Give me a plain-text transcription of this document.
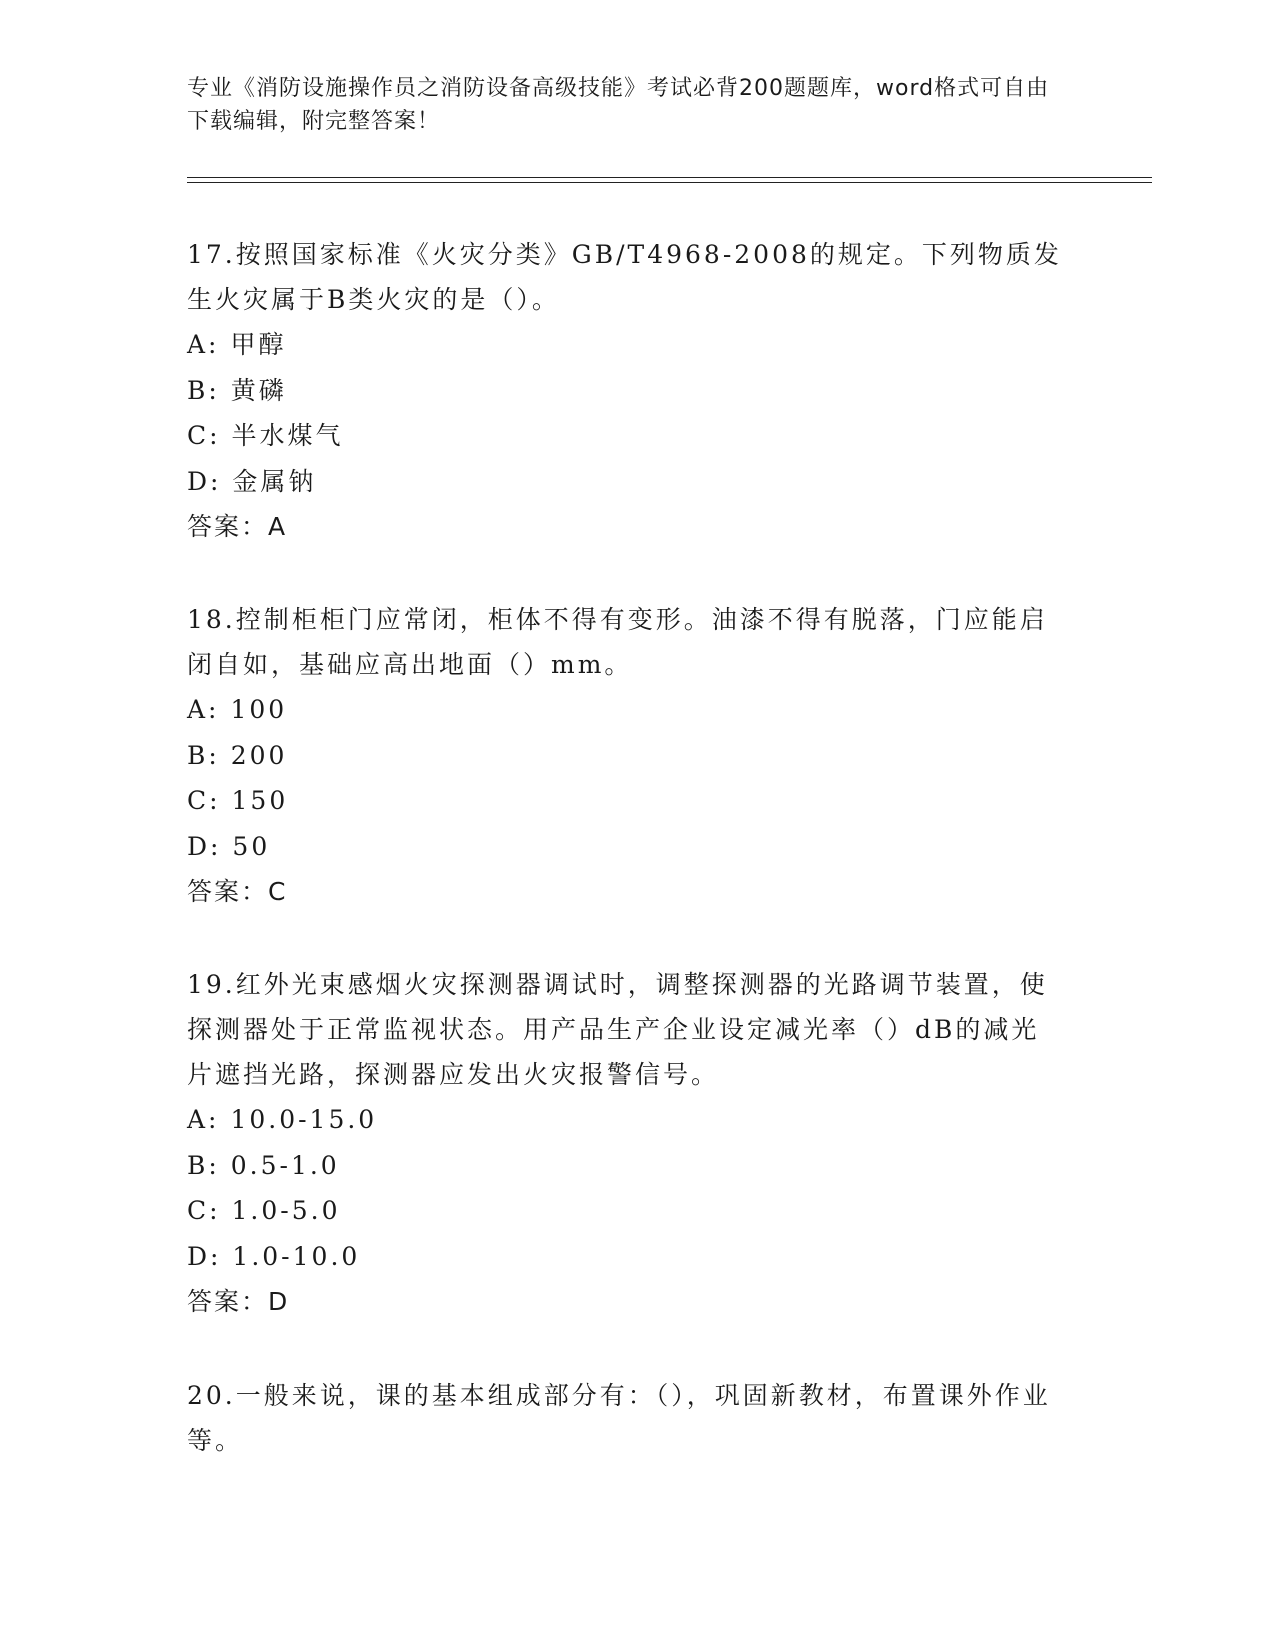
专业《消防设施操作员之消防设备高级技能》考试必背200题题库，word格式可自由下载编辑，附完整答案！

17.按照国家标准《火灾分类》GB/T4968-2008的规定。下列物质发生火灾属于B类火灾的是（）。

A: 甲醇

B: 黄磷

C: 半水煤气

D: 金属钠

答案：A

18.控制柜柜门应常闭，柜体不得有变形。油漆不得有脱落，门应能启闭自如，基础应高出地面（）mm。

A: 100

B: 200

C: 150

D: 50

答案：C

19.红外光束感烟火灾探测器调试时，调整探测器的光路调节装置，使探测器处于正常监视状态。用产品生产企业设定减光率（）dB的减光片遮挡光路，探测器应发出火灾报警信号。

A: 10.0-15.0

B: 0.5-1.0

C: 1.0-5.0

D: 1.0-10.0

答案：D

20.一般来说，课的基本组成部分有：（），巩固新教材，布置课外作业等。
